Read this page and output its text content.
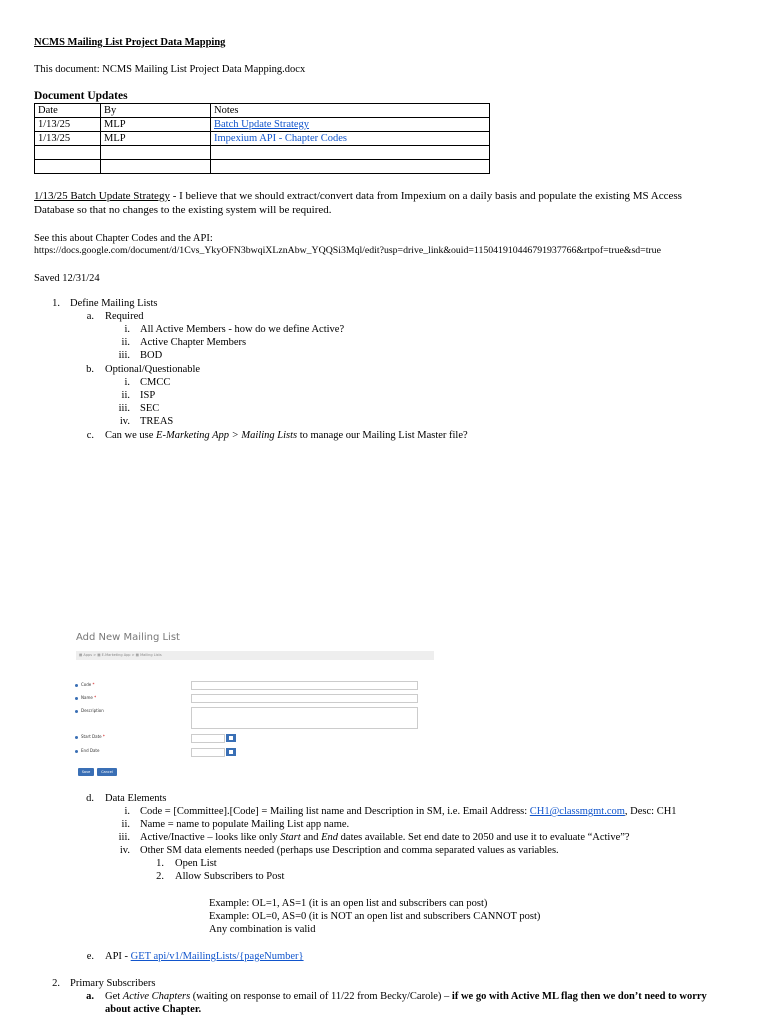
NCMS Mailing List Project Data Mapping
This document: NCMS Mailing List Project Data Mapping.docx
Document Updates
Date	By	Notes
1/13/25	MLP	Batch Update Strategy
1/13/25	MLP	Impexium API - Chapter Codes

1/13/25 Batch Update Strategy - I believe that we should extract/convert data from Impexium on a daily basis and populate the existing MS Access
Database so that no changes to the existing system will be required.
See this about Chapter Codes and the API:
https://docs.google.com/document/d/1Cvs_YkyOFN3bwqiXLznAbw_YQQSi3Mql/edit?usp=drive_link&ouid=115041910446791937766&rtpof=true&sd=true
Saved 12/31/24
1. Define Mailing Lists
a. Required
i. All Active Members - how do we define Active?
ii. Active Chapter Members
iii. BOD
b. Optional/Questionable
i. CMCC
ii. ISP
iii. SEC
iv. TREAS
c. Can we use E-Marketing App > Mailing Lists to manage our Mailing List Master file?
Add New Mailing List
▦ Apps > ▦ E-Marketing App > ▦ Mailing Lists
Code *
Name *
Description
Start Date *
End Date
Save	Cancel
d. Data Elements
i. Code = [Committee].[Code] = Mailing list name and Description in SM, i.e. Email Address: CH1@classmgmt.com, Desc: CH1
ii. Name = name to populate Mailing List app name.
iii. Active/Inactive – looks like only Start and End dates available. Set end date to 2050 and use it to evaluate “Active”?
iv. Other SM data elements needed (perhaps use Description and comma separated values as variables.
1. Open List
2. Allow Subscribers to Post
Example: OL=1, AS=1 (it is an open list and subscribers can post)
Example: OL=0, AS=0 (it is NOT an open list and subscribers CANNOT post)
Any combination is valid
e. API - GET api/v1/MailingLists/{pageNumber}
2. Primary Subscribers
a. Get Active Chapters (waiting on response to email of 11/22 from Becky/Carole) – if we go with Active ML flag then we don’t need to worry
about active Chapter.
